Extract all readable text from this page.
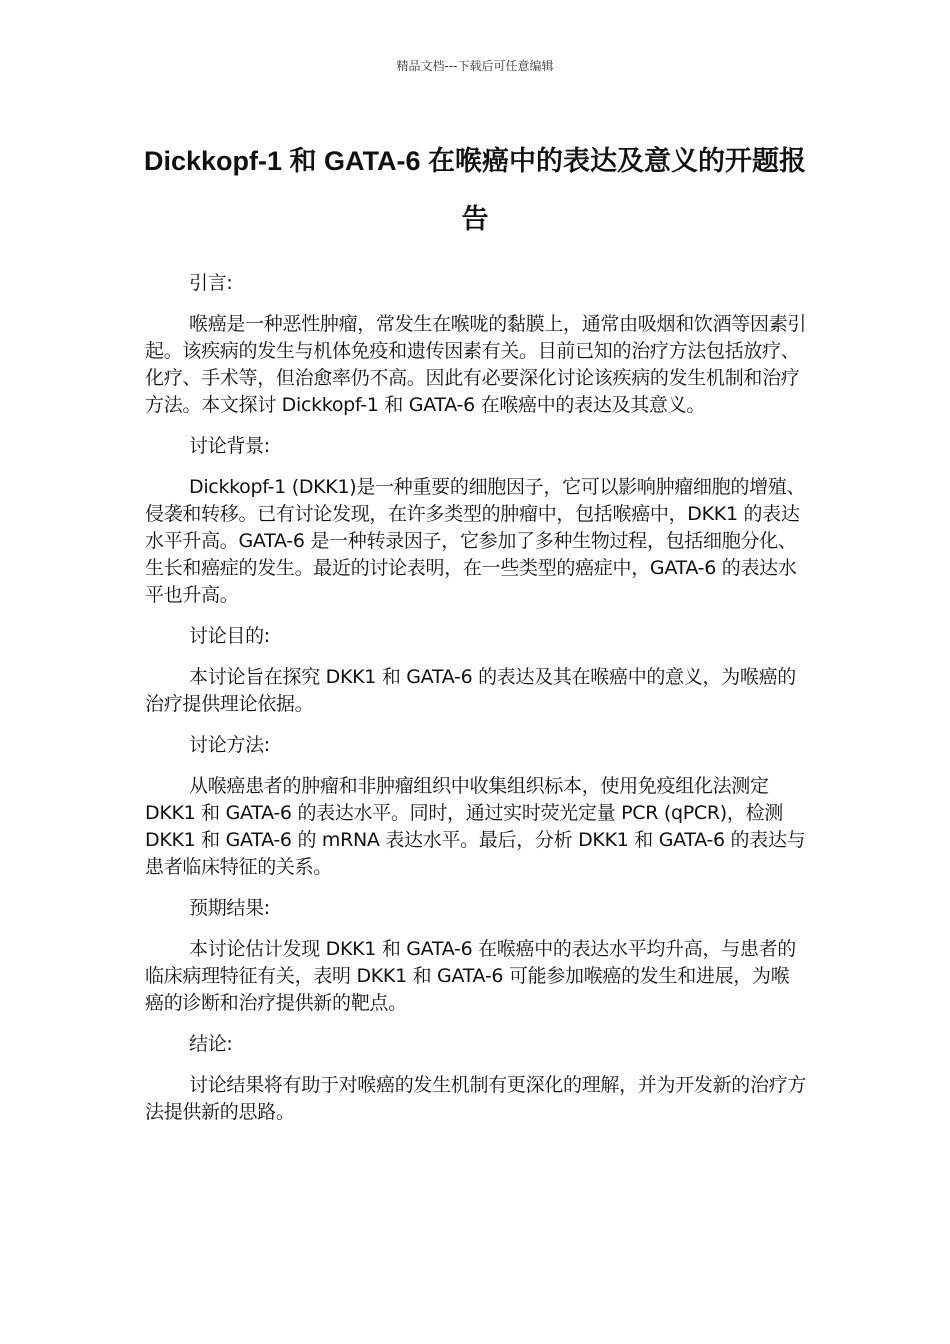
精品文档---下载后可任意编辑
Dickkopf-1 和 GATA-6 在喉癌中的表达及意义的开题报告
引言:
喉癌是一种恶性肿瘤，常发生在喉咙的黏膜上，通常由吸烟和饮酒等因素引起。该疾病的发生与机体免疫和遗传因素有关。目前已知的治疗方法包括放疗、化疗、手术等，但治愈率仍不高。因此有必要深化讨论该疾病的发生机制和治疗方法。本文探讨 Dickkopf-1 和 GATA-6 在喉癌中的表达及其意义。
讨论背景:
Dickkopf-1 (DKK1)是一种重要的细胞因子，它可以影响肿瘤细胞的增殖、侵袭和转移。已有讨论发现，在许多类型的肿瘤中，包括喉癌中，DKK1 的表达水平升高。GATA-6 是一种转录因子，它参加了多种生物过程，包括细胞分化、生长和癌症的发生。最近的讨论表明，在一些类型的癌症中，GATA-6 的表达水平也升高。
讨论目的:
本讨论旨在探究 DKK1 和 GATA-6 的表达及其在喉癌中的意义，为喉癌的治疗提供理论依据。
讨论方法:
从喉癌患者的肿瘤和非肿瘤组织中收集组织标本，使用免疫组化法测定 DKK1 和 GATA-6 的表达水平。同时，通过实时荧光定量 PCR (qPCR)，检测 DKK1 和 GATA-6 的 mRNA 表达水平。最后，分析 DKK1 和 GATA-6 的表达与患者临床特征的关系。
预期结果:
本讨论估计发现 DKK1 和 GATA-6 在喉癌中的表达水平均升高，与患者的临床病理特征有关，表明 DKK1 和 GATA-6 可能参加喉癌的发生和进展，为喉癌的诊断和治疗提供新的靶点。
结论:
讨论结果将有助于对喉癌的发生机制有更深化的理解，并为开发新的治疗方法提供新的思路。
